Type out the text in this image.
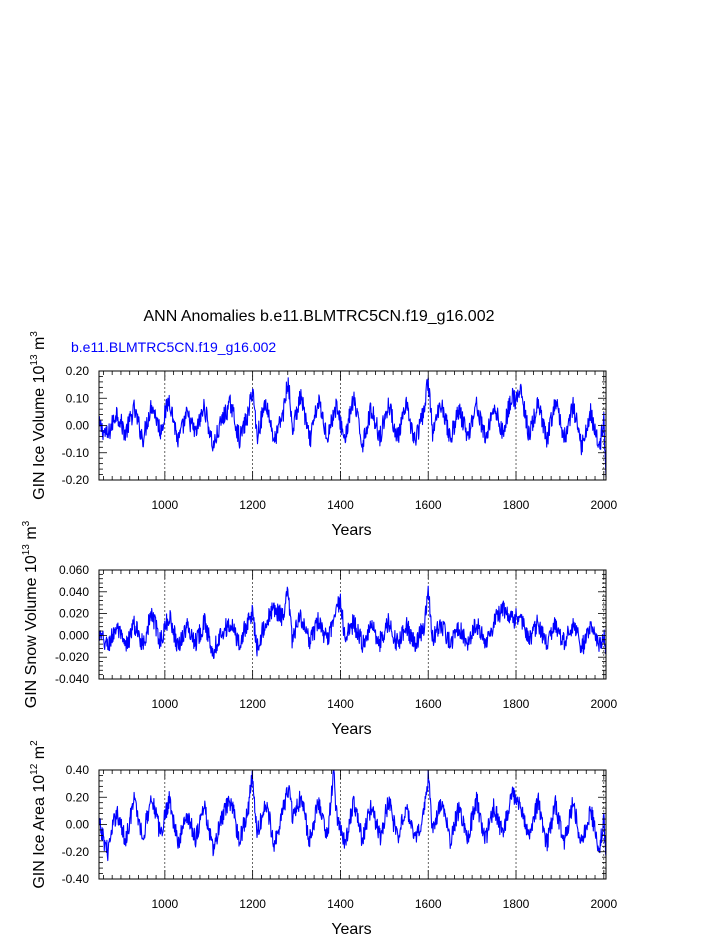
ANN Anomalies b.e11.BLMTRC5CN.f19_g16.002
1000	1200	1400	1600	1800	2000
-0.20
-0.10
0.00
0.10
0.20
Years
GIN Ice Volume $10^{13}$ $m^3$
b.e11.BLMTRC5CN.f19_g16.002
1000	1200	1400	1600	1800	2000
-0.040
-0.020
0.000
0.020
0.040
0.060
Years
GIN Snow Volume $10^{13}$ $m^3$
1000	1200	1400	1600	1800	2000
-0.40
-0.20
0.00
0.20
0.40
Years
GIN Ice Area $10^{12}$ $m^2$
